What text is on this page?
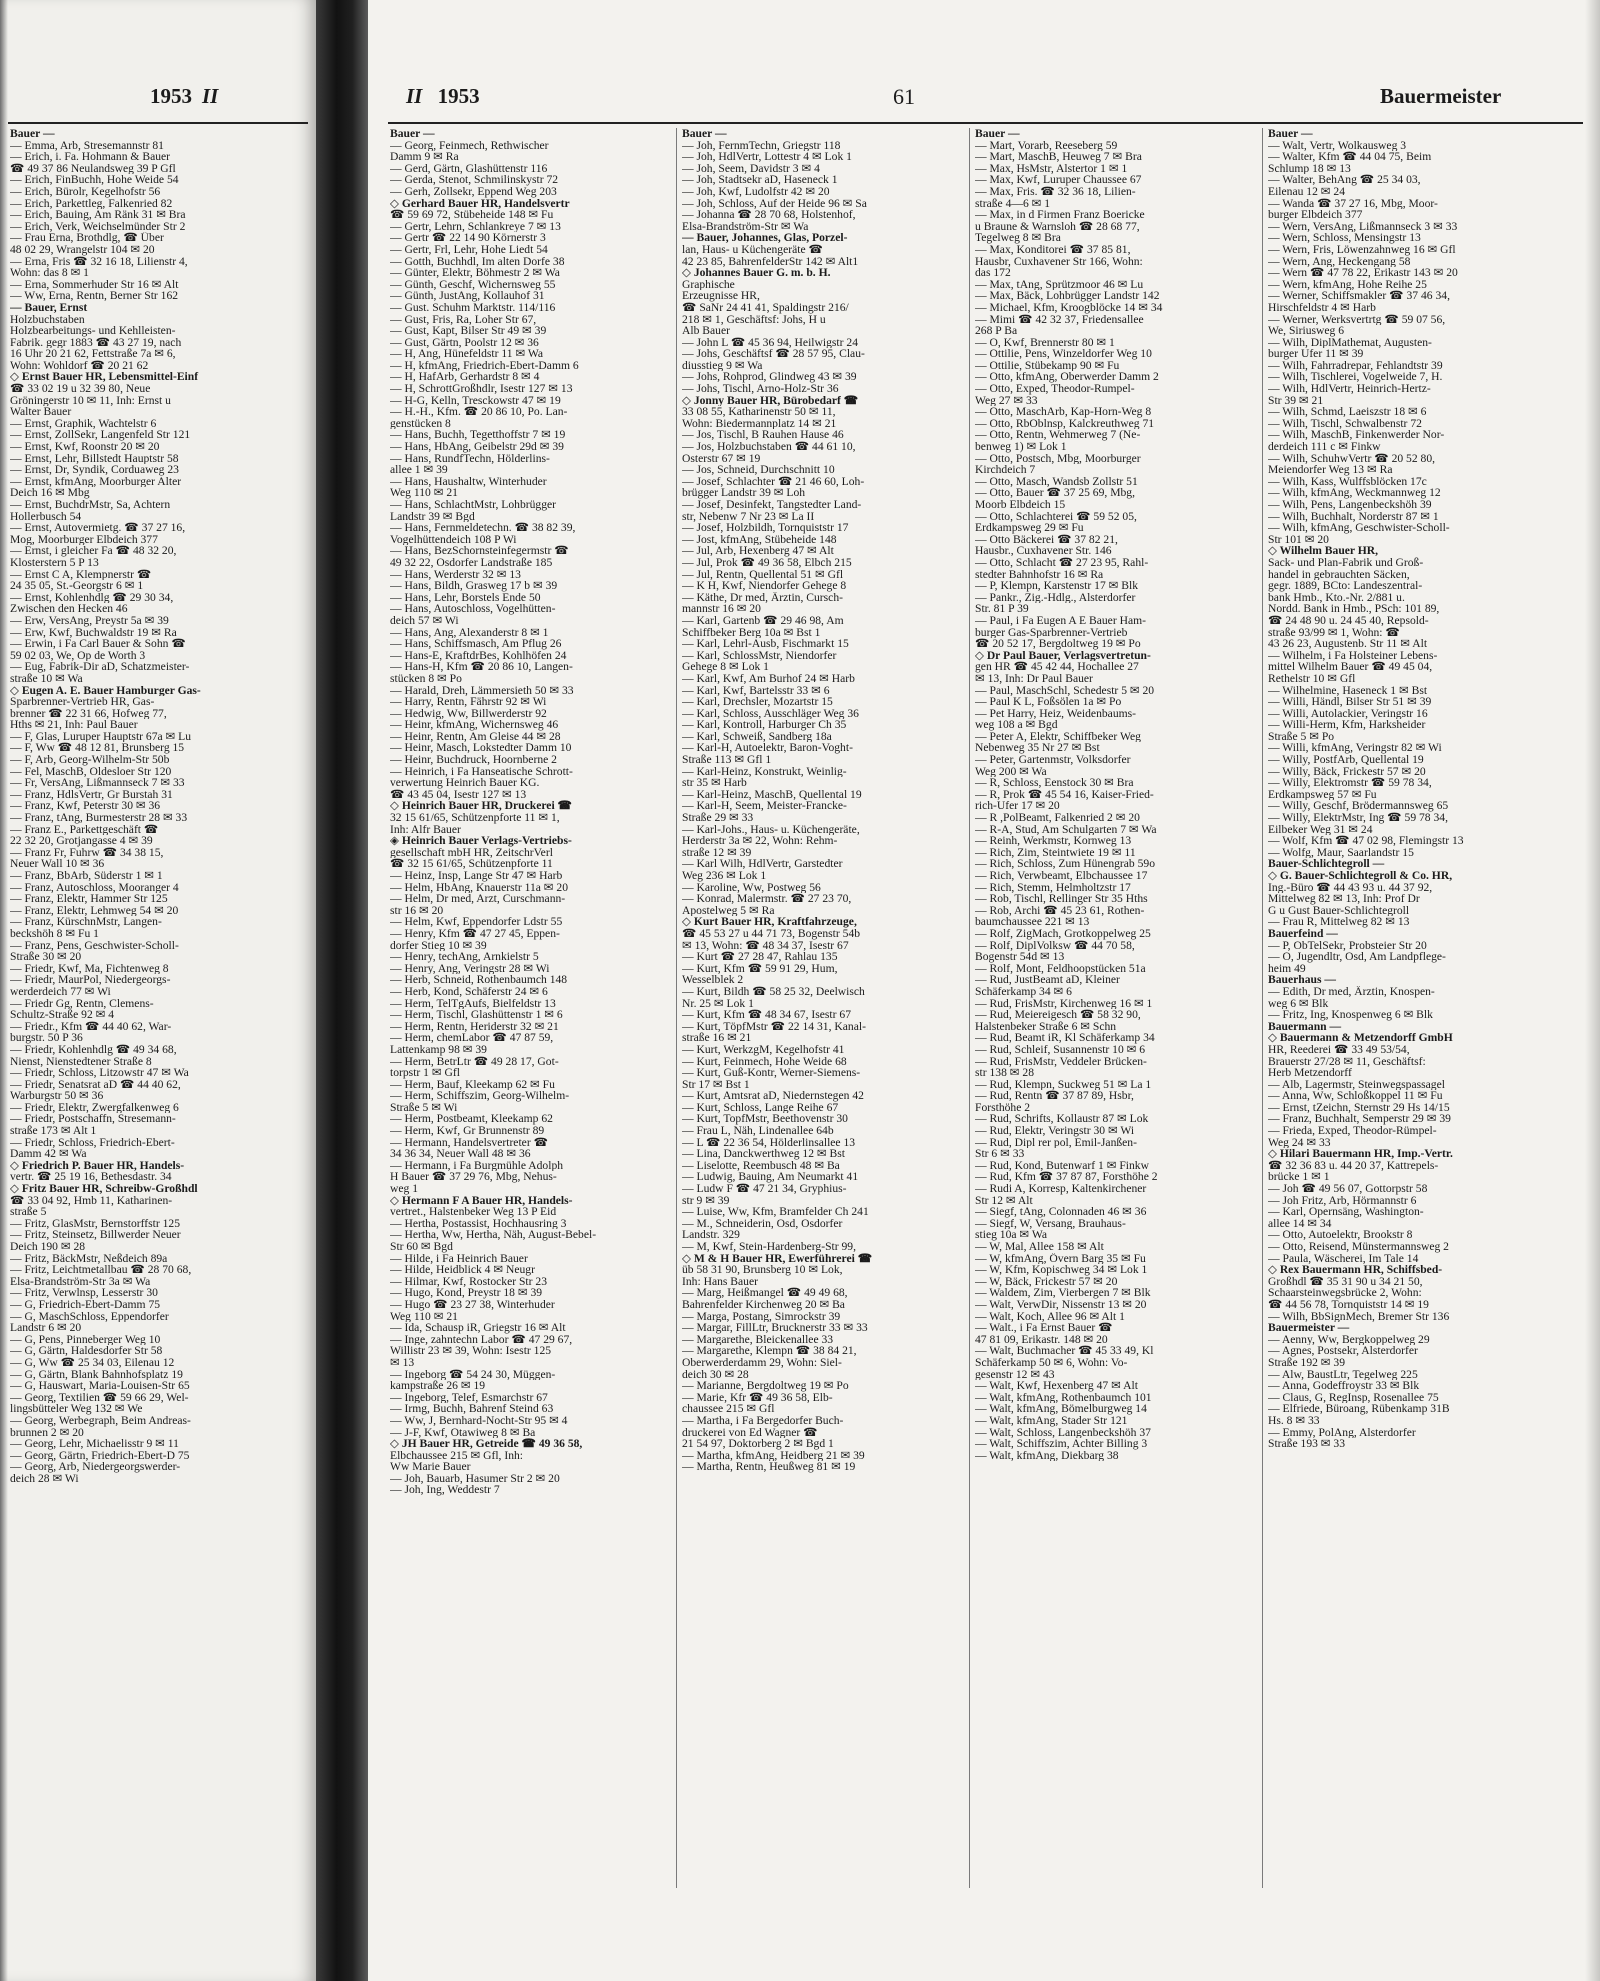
1953 II
Bauer —
— Emma, Arb, Stresemannstr 81
— Erich, i. Fa. Hohmann & Bauer
☎ 49 37 86 Neulandsweg 39 P Gfl
— Erich, FinBuchh, Hohe Weide 54
— Erich, Bürolr, Kegelhofstr 56
— Erich, Parkettleg, Falkenried 82
— Erich, Bauing, Am Ränk 31 ✉ Bra
— Erich, Verk, Weichselmünder Str 2
— Frau Erna, Brothdlg, ☎ Über
48 02 29, Wrangelstr 104 ✉ 20
— Erna, Fris ☎ 32 16 18, Lilienstr 4,
Wohn: das 8 ✉ 1
— Erna, Sommerhuder Str 16 ✉ Alt
— Ww, Erna, Rentn, Berner Str 162
— Bauer, Ernst
Holzbuchstaben
Holzbearbeitungs- und Kehlleisten-
Fabrik. gegr 1883 ☎ 43 27 19, nach
16 Uhr 20 21 62, Fettstraße 7a ✉ 6,
Wohn: Wohldorf ☎ 20 21 62
◇ Ernst Bauer HR, Lebensmittel-Einf
☎ 33 02 19 u 32 39 80, Neue
Gröningerstr 10 ✉ 11, Inh: Ernst u
Walter Bauer
— Ernst, Graphik, Wachtelstr 6
— Ernst, ZollSekr, Langenfeld Str 121
— Ernst, Kwf, Roonstr 20 ✉ 20
— Ernst, Lehr, Billstedt Hauptstr 58
— Ernst, Dr, Syndik, Corduaweg 23
— Ernst, kfmAng, Moorburger Alter
Deich 16 ✉ Mbg
— Ernst, BuchdrMstr, Sa, Achtern
Hollerbusch 54
— Ernst, Autovermietg. ☎ 37 27 16,
Mog, Moorburger Elbdeich 377
— Ernst, i gleicher Fa ☎ 48 32 20,
Klosterstern 5 P 13
— Ernst C A, Klempnerstr ☎
24 35 05, St.-Georgstr 6 ✉ 1
— Ernst, Kohlenhdlg ☎ 29 30 34,
Zwischen den Hecken 46
— Erw, VersAng, Preystr 5a ✉ 39
— Erw, Kwf, Buchwaldstr 19 ✉ Ra
— Erwin, i Fa Carl Bauer & Sohn ☎
59 02 03, We, Op de Worth 3
— Eug, Fabrik-Dir aD, Schatzmeister-
straße 10 ✉ Wa
◇ Eugen A. E. Bauer Hamburger Gas-
Sparbrenner-Vertrieb HR, Gas-
brenner ☎ 22 31 66, Hofweg 77,
Hths ✉ 21, Inh: Paul Bauer
— F, Glas, Luruper Hauptstr 67a ✉ Lu
— F, Ww ☎ 48 12 81, Brunsberg 15
— F, Arb, Georg-Wilhelm-Str 50b
— Fel, MaschB, Oldesloer Str 120
— Fr, VersAng, Lißmannseck 7 ✉ 33
— Franz, HdlsVertr, Gr Burstah 31
— Franz, Kwf, Peterstr 30 ✉ 36
— Franz, tAng, Burmesterstr 28 ✉ 33
— Franz E., Parkettgeschäft ☎
22 32 20, Grotjangasse 4 ✉ 39
— Franz Fr, Fuhrw ☎ 34 38 15,
Neuer Wall 10 ✉ 36
— Franz, BbArb, Süderstr 1 ✉ 1
— Franz, Autoschloss, Mooranger 4
— Franz, Elektr, Hammer Str 125
— Franz, Elektr, Lehmweg 54 ✉ 20
— Franz, KürschnMstr, Langen-
beckshöh 8 ✉ Fu 1
— Franz, Pens, Geschwister-Scholl-
Straße 30 ✉ 20
— Friedr, Kwf, Ma, Fichtenweg 8
— Friedr, MaurPol, Niedergeorgs-
werderdeich 77 ✉ Wi
— Friedr Gg, Rentn, Clemens-
Schultz-Straße 92 ✉ 4
— Friedr., Kfm ☎ 44 40 62, War-
burgstr. 50 P 36
— Friedr, Kohlenhdlg ☎ 49 34 68,
Nienst, Nienstedtener Straße 8
— Friedr, Schloss, Litzowstr 47 ✉ Wa
— Friedr, Senatsrat aD ☎ 44 40 62,
Warburgstr 50 ✉ 36
— Friedr, Elektr, Zwergfalkenweg 6
— Friedr, Postschaffn, Stresemann-
straße 173 ✉ Alt 1
— Friedr, Schloss, Friedrich-Ebert-
Damm 42 ✉ Wa
◇ Friedrich P. Bauer HR, Handels-
vertr. ☎ 25 19 16, Bethesdastr. 34
◇ Fritz Bauer HR, Schreibw-Großhdl
☎ 33 04 92, Hmb 11, Katharinen-
straße 5
— Fritz, GlasMstr, Bernstorffstr 125
— Fritz, Steinsetz, Billwerder Neuer
Deich 190 ✉ 28
— Fritz, BäckMstr, Neßdeich 89a
— Fritz, Leichtmetallbau ☎ 28 70 68,
Elsa-Brandström-Str 3a ✉ Wa
— Fritz, Verwlnsp, Lesserstr 30
— G, Friedrich-Ebert-Damm 75
— G, MaschSchloss, Eppendorfer
Landstr 6 ✉ 20
— G, Pens, Pinneberger Weg 10
— G, Gärtn, Haldesdorfer Str 58
— G, Ww ☎ 25 34 03, Eilenau 12
— G, Gärtn, Blank Bahnhofsplatz 19
— G, Hauswart, Maria-Louisen-Str 65
— Georg, Textilien ☎ 59 66 29, Wel-
lingsbütteler Weg 132 ✉ We
— Georg, Werbegraph, Beim Andreas-
brunnen 2 ✉ 20
— Georg, Lehr, Michaelisstr 9 ✉ 11
— Georg, Gärtn, Friedrich-Ebert-D 75
— Georg, Arb, Niedergeorgswerder-
deich 28 ✉ Wi
II 1953	61	Bauermeister
Bauer —
— Georg, Feinmech, Rethwischer
Damm 9 ✉ Ra
— Gerd, Gärtn, Glashüttenstr 116
— Gerda, Stenot, Schmilinskystr 72
— Gerh, Zollsekr, Eppend Weg 203
◇ Gerhard Bauer HR, Handelsvertr
☎ 59 69 72, Stübeheide 148 ✉ Fu
— Gertr, Lehrn, Schlankreye 7 ✉ 13
— Gertr ☎ 22 14 90 Körnerstr 3
— Gertr, Frl, Lehr, Hohe Liedt 54
— Gotth, Buchhdl, Im alten Dorfe 38
— Günter, Elektr, Böhmestr 2 ✉ Wa
— Günth, Geschf, Wichernsweg 55
— Günth, JustAng, Kollauhof 31
— Gust. Schuhm Marktstr. 114/116
— Gust, Fris, Ra, Loher Str 67,
— Gust, Kapt, Bilser Str 49 ✉ 39
— Gust, Gärtn, Poolstr 12 ✉ 36
— H, Ang, Hünefeldstr 11 ✉ Wa
— H, kfmAng, Friedrich-Ebert-Damm 6
— H, HafArb, Gerhardstr 8 ✉ 4
— H, SchrottGroßhdlr, Isestr 127 ✉ 13
— H-G, Kelln, Tresckowstr 47 ✉ 19
— H.-H., Kfm. ☎ 20 86 10, Po. Lan-
genstücken 8
— Hans, Buchh, Tegetthoffstr 7 ✉ 19
— Hans, HbAng, Geibelstr 29d ✉ 39
— Hans, RundfTechn, Hölderlins-
allee 1 ✉ 39
— Hans, Haushaltw, Winterhuder
Weg 110 ✉ 21
— Hans, SchlachtMstr, Lohbrügger
Landstr 39 ✉ Bgd
— Hans, Fernmeldetechn. ☎ 38 82 39,
Vogelhüttendeich 108 P Wi
— Hans, BezSchornsteinfegermstr ☎
49 32 22, Osdorfer Landstraße 185
— Hans, Werderstr 32 ✉ 13
— Hans, Bildh, Grasweg 17 b ✉ 39
— Hans, Lehr, Borstels Ende 50
— Hans, Autoschloss, Vogelhütten-
deich 57 ✉ Wi
— Hans, Ang, Alexanderstr 8 ✉ 1
— Hans, Schiffsmasch, Am Pflug 26
— Hans-E, KraftdrBes, Kohlhöfen 24
— Hans-H, Kfm ☎ 20 86 10, Langen-
stücken 8 ✉ Po
— Harald, Dreh, Lämmersieth 50 ✉ 33
— Harry, Rentn, Fährstr 92 ✉ Wi
— Hedwig, Ww, Billwerderstr 92
— Heinr, kfmAng, Wichernsweg 46
— Heinr, Rentn, Am Gleise 44 ✉ 28
— Heinr, Masch, Lokstedter Damm 10
— Heinr, Buchdruck, Hoornberne 2
— Heinrich, i Fa Hanseatische Schrott-
verwertung Heinrich Bauer KG.
☎ 43 45 04, Isestr 127 ✉ 13
◇ Heinrich Bauer HR, Druckerei ☎
32 15 61/65, Schützenpforte 11 ✉ 1,
Inh: Alfr Bauer
◈ Heinrich Bauer Verlags-Vertriebs-
gesellschaft mbH HR, ZeitschrVerl
☎ 32 15 61/65, Schützenpforte 11
— Heinz, Insp, Lange Str 47 ✉ Harb
— Helm, HbAng, Knauerstr 11a ✉ 20
— Helm, Dr med, Arzt, Curschmann-
str 16 ✉ 20
— Helm, Kwf, Eppendorfer Ldstr 55
— Henry, Kfm ☎ 47 27 45, Eppen-
dorfer Stieg 10 ✉ 39
— Henry, techAng, Arnkielstr 5
— Henry, Ang, Veringstr 28 ✉ Wi
— Herb, Schneid, Rothenbaumch 148
— Herb, Kond, Schäferstr 24 ✉ 6
— Herm, TelTgAufs, Bielfeldstr 13
— Herm, Tischl, Glashüttenstr 1 ✉ 6
— Herm, Rentn, Heriderstr 32 ✉ 21
— Herm, chemLabor ☎ 47 87 59,
Lattenkamp 98 ✉ 39
— Herm, BetrLtr ☎ 49 28 17, Got-
torpstr 1 ✉ Gfl
— Herm, Bauf, Kleekamp 62 ✉ Fu
— Herm, Schiffszim, Georg-Wilhelm-
Straße 5 ✉ Wi
— Herm, Postbeamt, Kleekamp 62
— Herm, Kwf, Gr Brunnenstr 89
— Hermann, Handelsvertreter ☎
34 36 34, Neuer Wall 48 ✉ 36
— Hermann, i Fa Burgmühle Adolph
H Bauer ☎ 37 29 76, Mbg, Nehus-
weg 1
◇ Hermann F A Bauer HR, Handels-
vertret., Halstenbeker Weg 13 P Eid
— Hertha, Postassist, Hochhausring 3
— Hertha, Ww, Hertha, Näh, August-Bebel-
Str 60 ✉ Bgd
— Hilde, i Fa Heinrich Bauer
— Hilde, Heidblick 4 ✉ Neugr
— Hilmar, Kwf, Rostocker Str 23
— Hugo, Kond, Preystr 18 ✉ 39
— Hugo ☎ 23 27 38, Winterhuder
Weg 110 ✉ 21
— Ida, Schausp iR, Griegstr 16 ✉ Alt
— Inge, zahntechn Labor ☎ 47 29 67,
Willistr 23 ✉ 39, Wohn: Isestr 125
✉ 13
— Ingeborg ☎ 54 24 30, Müggen-
kampstraße 26 ✉ 19
— Ingeborg, Telef, Esmarchstr 67
— Irmg, Buchh, Bahrenf Steind 63
— Ww, J, Bernhard-Nocht-Str 95 ✉ 4
— J-F, Kwf, Otawiweg 8 ✉ Ba
◇ JH Bauer HR, Getreide ☎ 49 36 58,
Elbchaussee 215 ✉ Gfl, Inh:
Ww Marie Bauer
— Joh, Bauarb, Hasumer Str 2 ✉ 20
— Joh, Ing, Weddestr 7
Bauer —
— Joh, FernmTechn, Griegstr 118
— Joh, HdlVertr, Lottestr 4 ✉ Lok 1
— Joh, Seem, Davidstr 3 ✉ 4
— Joh, Stadtsekr aD, Haseneck 1
— Joh, Kwf, Ludolfstr 42 ✉ 20
— Joh, Schloss, Auf der Heide 96 ✉ Sa
— Johanna ☎ 28 70 68, Holstenhof,
Elsa-Brandström-Str ✉ Wa
— Bauer, Johannes, Glas, Porzel-
lan, Haus- u Küchengeräte ☎
42 23 85, BahrenfelderStr 142 ✉ Alt1
◇ Johannes Bauer G. m. b. H.
Graphische
Erzeugnisse HR,
☎ SaNr 24 41 41, Spaldingstr 216/
218 ✉ 1, Geschäftsf: Johs, H u
Alb Bauer
— John L ☎ 45 36 94, Heilwigstr 24
— Johs, Geschäftsf ☎ 28 57 95, Clau-
diusstieg 9 ✉ Wa
— Johs, Rohprod, Glindweg 43 ✉ 39
— Johs, Tischl, Arno-Holz-Str 36
◇ Jonny Bauer HR, Bürobedarf ☎
33 08 55, Katharinenstr 50 ✉ 11,
Wohn: Biedermannplatz 14 ✉ 21
— Jos, Tischl, B Rauhen Hause 46
— Jos, Holzbuchstaben ☎ 44 61 10,
Osterstr 67 ✉ 19
— Jos, Schneid, Durchschnitt 10
— Josef, Schlachter ☎ 21 46 60, Loh-
brügger Landstr 39 ✉ Loh
— Josef, Desinfekt, Tangstedter Land-
str, Nebenw 7 Nr 23 ✉ La II
— Josef, Holzbildh, Tornquiststr 17
— Jost, kfmAng, Stübeheide 148
— Jul, Arb, Hexenberg 47 ✉ Alt
— Jul, Prok ☎ 49 36 58, Elbch 215
— Jul, Rentn, Quellental 51 ✉ Gfl
— K H, Kwf, Niendorfer Gehege 8
— Käthe, Dr med, Ärztin, Cursch-
mannstr 16 ✉ 20
— Karl, Gartenb ☎ 29 46 98, Am
Schiffbeker Berg 10a ✉ Bst 1
— Karl, Lehrl-Ausb, Fischmarkt 15
— Karl, SchlossMstr, Niendorfer
Gehege 8 ✉ Lok 1
— Karl, Kwf, Am Burhof 24 ✉ Harb
— Karl, Kwf, Bartelsstr 33 ✉ 6
— Karl, Drechsler, Mozartstr 15
— Karl, Schloss, Ausschläger Weg 36
— Karl, Kontroll, Harburger Ch 35
— Karl, Schweiß, Sandberg 18a
— Karl-H, Autoelektr, Baron-Voght-
Straße 113 ✉ Gfl 1
— Karl-Heinz, Konstrukt, Weinlig-
str 35 ✉ Harb
— Karl-Heinz, MaschB, Quellental 19
— Karl-H, Seem, Meister-Francke-
Straße 29 ✉ 33
— Karl-Johs., Haus- u. Küchengeräte,
Herderstr 3a ✉ 22, Wohn: Rehm-
straße 12 ✉ 39
— Karl Wilh, HdlVertr, Garstedter
Weg 236 ✉ Lok 1
— Karoline, Ww, Postweg 56
— Konrad, Malermstr. ☎ 27 23 70,
Apostelweg 5 ✉ Ra
◇ Kurt Bauer HR, Kraftfahrzeuge,
☎ 45 53 27 u 44 71 73, Bogenstr 54b
✉ 13, Wohn: ☎ 48 34 37, Isestr 67
— Kurt ☎ 27 28 47, Rahlau 135
— Kurt, Kfm ☎ 59 91 29, Hum,
Wesselblek 2
— Kurt, Bildh ☎ 58 25 32, Deelwisch
Nr. 25 ✉ Lok 1
— Kurt, Kfm ☎ 48 34 67, Isestr 67
— Kurt, TöpfMstr ☎ 22 14 31, Kanal-
straße 16 ✉ 21
— Kurt, WerkzgM, Kegelhofstr 41
— Kurt, Feinmech, Hohe Weide 68
— Kurt, Guß-Kontr, Werner-Siemens-
Str 17 ✉ Bst 1
— Kurt, Amtsrat aD, Niedernstegen 42
— Kurt, Schloss, Lange Reihe 67
— Kurt, TopfMstr, Beethovenstr 30
— Frau L, Näh, Lindenallee 64b
— L ☎ 22 36 54, Hölderlinsallee 13
— Lina, Danckwerthweg 12 ✉ Bst
— Liselotte, Reembusch 48 ✉ Ba
— Ludwig, Bauing, Am Neumarkt 41
— Ludw F ☎ 47 21 34, Gryphius-
str 9 ✉ 39
— Luise, Ww, Kfm, Bramfelder Ch 241
— M., Schneiderin, Osd, Osdorfer
Landstr. 329
— M, Kwf, Stein-Hardenberg-Str 99,
◇ M & H Bauer HR, Ewerführerei ☎
üb 58 31 90, Brunsberg 10 ✉ Lok,
Inh: Hans Bauer
— Marg, Heißmangel ☎ 49 49 68,
Bahrenfelder Kirchenweg 20 ✉ Ba
— Marga, Postang, Simrockstr 39
— Margar, FillLtr, Brucknerstr 33 ✉ 33
— Margarethe, Bleickenallee 33
— Margarethe, Klempn ☎ 38 84 21,
Oberwerderdamm 29, Wohn: Siel-
deich 30 ✉ 28
— Marianne, Bergdoltweg 19 ✉ Po
— Marie, Kfr ☎ 49 36 58, Elb-
chaussee 215 ✉ Gfl
— Martha, i Fa Bergedorfer Buch-
druckerei von Ed Wagner ☎
21 54 97, Doktorberg 2 ✉ Bgd 1
— Martha, kfmAng, Heidberg 21 ✉ 39
— Martha, Rentn, Heußweg 81 ✉ 19
Bauer —
— Mart, Vorarb, Reeseberg 59
— Mart, MaschB, Heuweg 7 ✉ Bra
— Max, HsMstr, Alstertor 1 ✉ 1
— Max, Kwf, Luruper Chaussee 67
— Max, Fris. ☎ 32 36 18, Lilien-
straße 4—6 ✉ 1
— Max, in d Firmen Franz Boericke
u Braune & Warnsloh ☎ 28 68 77,
Tegelweg 8 ✉ Bra
— Max, Konditorei ☎ 37 85 81,
Hausbr, Cuxhavener Str 166, Wohn:
das 172
— Max, tAng, Sprützmoor 46 ✉ Lu
— Max, Bäck, Lohbrügger Landstr 142
— Michael, Kfm, Kroogblöcke 14 ✉ 34
— Mimi ☎ 42 32 37, Friedensallee
268 P Ba
— O, Kwf, Brennerstr 80 ✉ 1
— Ottilie, Pens, Winzeldorfer Weg 10
— Ottilie, Stübekamp 90 ✉ Fu
— Otto, kfmAng, Oberwerder Damm 2
— Otto, Exped, Theodor-Rumpel-
Weg 27 ✉ 33
— Otto, MaschArb, Kap-Horn-Weg 8
— Otto, RbOblnsp, Kalckreuthweg 71
— Otto, Rentn, Wehmerweg 7 (Ne-
benweg 1) ✉ Lok 1
— Otto, Postsch, Mbg, Moorburger
Kirchdeich 7
— Otto, Masch, Wandsb Zollstr 51
— Otto, Bauer ☎ 37 25 69, Mbg,
Moorb Elbdeich 15
— Otto, Schlachterei ☎ 59 52 05,
Erdkampsweg 29 ✉ Fu
— Otto Bäckerei ☎ 37 82 21,
Hausbr., Cuxhavener Str. 146
— Otto, Schlacht ☎ 27 23 95, Rahl-
stedter Bahnhofstr 16 ✉ Ra
— P, Klempn, Karstenstr 17 ✉ Blk
— Pankr., Zig.-Hdlg., Alsterdorfer
Str. 81 P 39
— Paul, i Fa Eugen A E Bauer Ham-
burger Gas-Sparbrenner-Vertrieb
☎ 20 52 17, Bergdoltweg 19 ✉ Po
◇ Dr Paul Bauer, Verlagsvertretun-
gen HR ☎ 45 42 44, Hochallee 27
✉ 13, Inh: Dr Paul Bauer
— Paul, MaschSchl, Schedestr 5 ✉ 20
— Paul K L, Foßsölen 1a ✉ Po
— Pet Harry, Heiz, Weidenbaums-
weg 108 a ✉ Bgd
— Peter A, Elektr, Schiffbeker Weg
Nebenweg 35 Nr 27 ✉ Bst
— Peter, Gartenmstr, Volksdorfer
Weg 200 ✉ Wa
— R, Schloss, Eenstock 30 ✉ Bra
— R, Prok ☎ 45 54 16, Kaiser-Fried-
rich-Ufer 17 ✉ 20
— R ,PolBeamt, Falkenried 2 ✉ 20
— R-A, Stud, Am Schulgarten 7 ✉ Wa
— Reinh, Werkmstr, Kornweg 13
— Rich, Zim, Steintwiete 19 ✉ 11
— Rich, Schloss, Zum Hünengrab 59o
— Rich, Verwbeamt, Elbchaussee 17
— Rich, Stemm, Helmholtzstr 17
— Rob, Tischl, Rellinger Str 35 Hths
— Rob, Archi ☎ 45 23 61, Rothen-
baumchaussee 221 ✉ 13
— Rolf, ZigMach, Grotkoppelweg 25
— Rolf, DiplVolksw ☎ 44 70 58,
Bogenstr 54d ✉ 13
— Rolf, Mont, Feldhoopstücken 51a
— Rud, JustBeamt aD, Kleiner
Schäferkamp 34 ✉ 6
— Rud, FrisMstr, Kirchenweg 16 ✉ 1
— Rud, Meiereigesch ☎ 58 32 90,
Halstenbeker Straße 6 ✉ Schn
— Rud, Beamt iR, Kl Schäferkamp 34
— Rud, Schleif, Susannenstr 10 ✉ 6
— Rud, FrisMstr, Veddeler Brücken-
str 138 ✉ 28
— Rud, Klempn, Suckweg 51 ✉ La 1
— Rud, Rentn ☎ 37 87 89, Hsbr,
Forsthöhe 2
— Rud, Schrifts, Kollaustr 87 ✉ Lok
— Rud, Elektr, Veringstr 30 ✉ Wi
— Rud, Dipl rer pol, Emil-Janßen-
Str 6 ✉ 33
— Rud, Kond, Butenwarf 1 ✉ Finkw
— Rud, Kfm ☎ 37 87 87, Forsthöhe 2
— Rudi A, Korresp, Kaltenkirchener
Str 12 ✉ Alt
— Siegf, tAng, Colonnaden 46 ✉ 36
— Siegf, W, Versang, Brauhaus-
stieg 10a ✉ Wa
— W, Mal, Allee 158 ✉ Alt
— W, kfmAng, Övern Barg 35 ✉ Fu
— W, Kfm, Kopischweg 34 ✉ Lok 1
— W, Bäck, Frickestr 57 ✉ 20
— Waldem, Zim, Vierbergen 7 ✉ Blk
— Walt, VerwDir, Nissenstr 13 ✉ 20
— Walt, Koch, Allee 96 ✉ Alt 1
— Walt., i Fa Ernst Bauer ☎
47 81 09, Erikastr. 148 ✉ 20
— Walt, Buchmacher ☎ 45 33 49, Kl
Schäferkamp 50 ✉ 6, Wohn: Vo-
gesenstr 12 ✉ 43
— Walt, Kwf, Hexenberg 47 ✉ Alt
— Walt, kfmAng, Rothenbaumch 101
— Walt, kfmAng, Bömelburgweg 14
— Walt, kfmAng, Stader Str 121
— Walt, Schloss, Langenbeckshöh 37
— Walt, Schiffszim, Achter Billing 3
— Walt, kfmAng, Diekbarg 38
Bauer —
— Walt, Vertr, Wolkausweg 3
— Walter, Kfm ☎ 44 04 75, Beim
Schlump 18 ✉ 13
— Walter, BehAng ☎ 25 34 03,
Eilenau 12 ✉ 24
— Wanda ☎ 37 27 16, Mbg, Moor-
burger Elbdeich 377
— Wern, VersAng, Lißmannseck 3 ✉ 33
— Wern, Schloss, Mensingstr 13
— Wern, Fris, Löwenzahnweg 16 ✉ Gfl
— Wern, Ang, Heckengang 58
— Wern ☎ 47 78 22, Erikastr 143 ✉ 20
— Wern, kfmAng, Hohe Reihe 25
— Werner, Schiffsmakler ☎ 37 46 34,
Hirschfeldstr 4 ✉ Harb
— Werner, Werksvertrtg ☎ 59 07 56,
We, Siriusweg 6
— Wilh, DiplMathemat, Augusten-
burger Ufer 11 ✉ 39
— Wilh, Fahrradrepar, Fehlandtstr 39
— Wilh, Tischlerei, Vogelweide 7, H.
— Wilh, HdlVertr, Heinrich-Hertz-
Str 39 ✉ 21
— Wilh, Schmd, Laeiszstr 18 ✉ 6
— Wilh, Tischl, Schwalbenstr 72
— Wilh, MaschB, Finkenwerder Nor-
derdeich 111 c ✉ Finkw
— Wilh, SchuhwVertr ☎ 20 52 80,
Meiendorfer Weg 13 ✉ Ra
— Wilh, Kass, Wulffsblöcken 17c
— Wilh, kfmAng, Weckmannweg 12
— Wilh, Pens, Langenbeckshöh 39
— Wilh, Buchhalt, Norderstr 87 ✉ 1
— Wilh, kfmAng, Geschwister-Scholl-
Str 101 ✉ 20
◇ Wilhelm Bauer HR,
Sack- und Plan-Fabrik und Groß-
handel in gebrauchten Säcken,
gegr. 1889, BCto: Landeszentral-
bank Hmb., Kto.-Nr. 2/881 u.
Nordd. Bank in Hmb., PSch: 101 89,
☎ 24 48 90 u. 24 45 40, Repsold-
straße 93/99 ✉ 1, Wohn: ☎
43 26 23, Augustenb. Str 11 ✉ Alt
— Wilhelm, i Fa Holsteiner Lebens-
mittel Wilhelm Bauer ☎ 49 45 04,
Rethelstr 10 ✉ Gfl
— Wilhelmine, Haseneck 1 ✉ Bst
— Willi, Händl, Bilser Str 51 ✉ 39
— Willi, Autolackier, Veringstr 16
— Willi-Herm, Kfm, Harksheider
Straße 5 ✉ Po
— Willi, kfmAng, Veringstr 82 ✉ Wi
— Willy, PostfArb, Quellental 19
— Willy, Bäck, Frickestr 57 ✉ 20
— Willy, Elektromstr ☎ 59 78 34,
Erdkampsweg 57 ✉ Fu
— Willy, Geschf, Brödermannsweg 65
— Willy, ElektrMstr, Ing ☎ 59 78 34,
Eilbeker Weg 31 ✉ 24
— Wolf, Kfm ☎ 47 02 98, Flemingstr 13
— Wolfg, Maur, Saarlandstr 15
Bauer-Schlichtegroll —
◇ G. Bauer-Schlichtegroll & Co. HR,
Ing.-Büro ☎ 44 43 93 u. 44 37 92,
Mittelweg 82 ✉ 13, Inh: Prof Dr
G u Gust Bauer-Schlichtegroll
— Frau R, Mittelweg 82 ✉ 13
Bauerfeind —
— P, ObTelSekr, Probsteier Str 20
— O, Jugendltr, Osd, Am Landpflege-
heim 49
Bauerhaus —
— Edith, Dr med, Ärztin, Knospen-
weg 6 ✉ Blk
— Fritz, Ing, Knospenweg 6 ✉ Blk
Bauermann —
◇ Bauermann & Metzendorff GmbH
HR, Reederei ☎ 33 49 53/54,
Brauerstr 27/28 ✉ 11, Geschäftsf:
Herb Metzendorff
— Alb, Lagermstr, Steinwegspassagel
— Anna, Ww, Schloßkoppel 11 ✉ Fu
— Ernst, tZeichn, Sternstr 29 Hs 14/15
— Franz, Buchhalt, Semperstr 29 ✉ 39
— Frieda, Exped, Theodor-Rümpel-
Weg 24 ✉ 33
◇ Hilari Bauermann HR, Imp.-Vertr.
☎ 32 36 83 u. 44 20 37, Kattrepels-
brücke 1 ✉ 1
— Joh ☎ 49 56 07, Gottorpstr 58
— Joh Fritz, Arb, Hörmannstr 6
— Karl, Opernsäng, Washington-
allee 14 ✉ 34
— Otto, Autoelektr, Brookstr 8
— Otto, Reisend, Münstermannsweg 2
— Paula, Wäscherei, Im Tale 14
◇ Rex Bauermann HR, Schiffsbed-
Großhdl ☎ 35 31 90 u 34 21 50,
Schaarsteinwegsbrücke 2, Wohn:
☎ 44 56 78, Tornquiststr 14 ✉ 19
— Wilh, BbSignMech, Bremer Str 136
Bauermeister —
— Aenny, Ww, Bergkoppelweg 29
— Agnes, Postsekr, Alsterdorfer
Straße 192 ✉ 39
— Alw, BaustLtr, Tegelweg 225
— Anna, Godeffroystr 33 ✉ Blk
— Claus, G, RegInsp, Rosenallee 75
— Elfriede, Büroang, Rübenkamp 31B
Hs. 8 ✉ 33
— Emmy, PolAng, Alsterdorfer
Straße 193 ✉ 33
